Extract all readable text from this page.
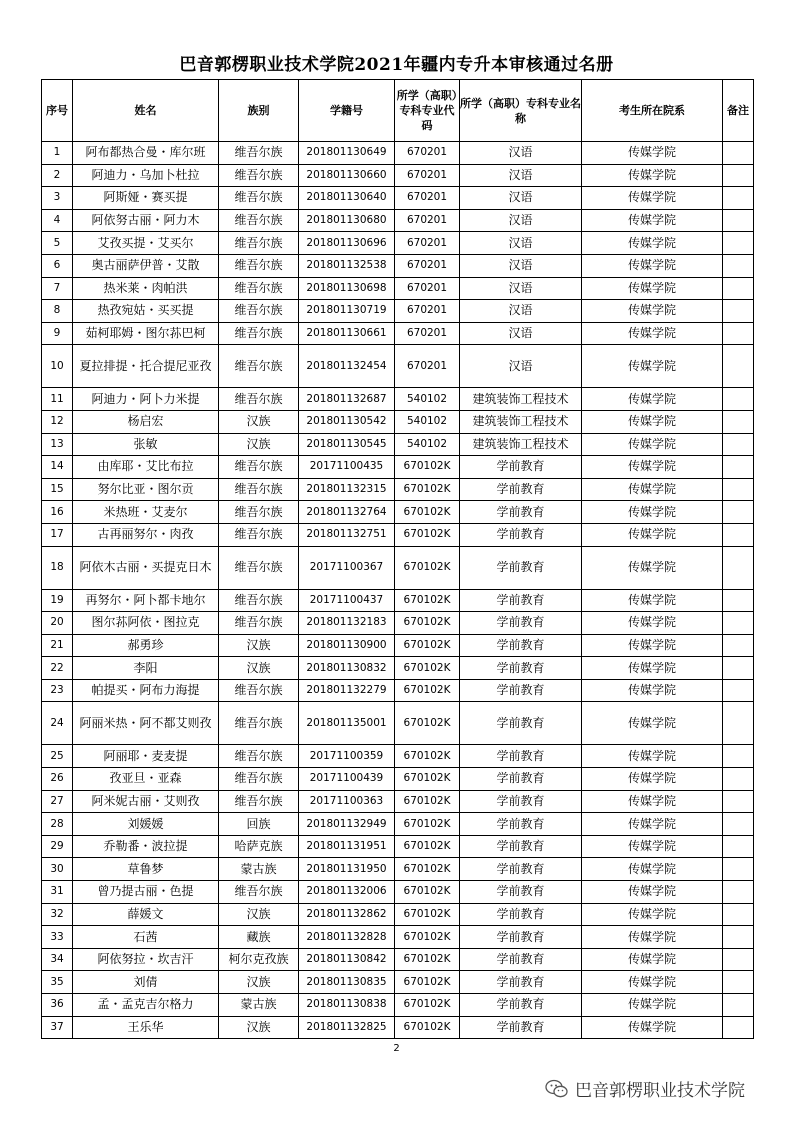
巴音郭楞职业技术学院2021年疆内专升本审核通过名册
序号	姓名	族别	学籍号	所学（高职）专科专业代码	所学（高职）专科专业名称	考生所在院系	备注
1	阿布都热合曼・库尔班	维吾尔族	201801130649	670201	汉语	传媒学院	
2	阿迪力・乌加卜杜拉	维吾尔族	201801130660	670201	汉语	传媒学院	
3	阿斯娅・赛买提	维吾尔族	201801130640	670201	汉语	传媒学院	
4	阿依努古丽・阿力木	维吾尔族	201801130680	670201	汉语	传媒学院	
5	艾孜买提・艾买尔	维吾尔族	201801130696	670201	汉语	传媒学院	
6	奥古丽萨伊普・艾散	维吾尔族	201801132538	670201	汉语	传媒学院	
7	热米莱・肉帕洪	维吾尔族	201801130698	670201	汉语	传媒学院	
8	热孜宛姑・买买提	维吾尔族	201801130719	670201	汉语	传媒学院	
9	茹柯耶姆・图尔荪巴柯	维吾尔族	201801130661	670201	汉语	传媒学院	
10	夏拉排提・托合提尼亚孜	维吾尔族	201801132454	670201	汉语	传媒学院	
11	阿迪力・阿卜力米提	维吾尔族	201801132687	540102	建筑装饰工程技术	传媒学院	
12	杨启宏	汉族	201801130542	540102	建筑装饰工程技术	传媒学院	
13	张敏	汉族	201801130545	540102	建筑装饰工程技术	传媒学院	
14	由库耶・艾比布拉	维吾尔族	20171100435	670102K	学前教育	传媒学院	
15	努尔比亚・图尔贡	维吾尔族	201801132315	670102K	学前教育	传媒学院	
16	米热班・艾麦尔	维吾尔族	201801132764	670102K	学前教育	传媒学院	
17	古再丽努尔・肉孜	维吾尔族	201801132751	670102K	学前教育	传媒学院	
18	阿依木古丽・买提克日木	维吾尔族	20171100367	670102K	学前教育	传媒学院	
19	再努尔・阿卜都卡地尔	维吾尔族	20171100437	670102K	学前教育	传媒学院	
20	图尔荪阿依・图拉克	维吾尔族	201801132183	670102K	学前教育	传媒学院	
21	郝勇珍	汉族	201801130900	670102K	学前教育	传媒学院	
22	李阳	汉族	201801130832	670102K	学前教育	传媒学院	
23	帕提买・阿布力海提	维吾尔族	201801132279	670102K	学前教育	传媒学院	
24	阿丽米热・阿不都艾则孜	维吾尔族	201801135001	670102K	学前教育	传媒学院	
25	阿丽耶・麦麦提	维吾尔族	20171100359	670102K	学前教育	传媒学院	
26	孜亚旦・亚森	维吾尔族	20171100439	670102K	学前教育	传媒学院	
27	阿米妮古丽・艾则孜	维吾尔族	20171100363	670102K	学前教育	传媒学院	
28	刘媛媛	回族	201801132949	670102K	学前教育	传媒学院	
29	乔勒番・波拉提	哈萨克族	201801131951	670102K	学前教育	传媒学院	
30	草鲁梦	蒙古族	201801131950	670102K	学前教育	传媒学院	
31	曾乃提古丽・色提	维吾尔族	201801132006	670102K	学前教育	传媒学院	
32	薛媛文	汉族	201801132862	670102K	学前教育	传媒学院	
33	石茜	藏族	201801132828	670102K	学前教育	传媒学院	
34	阿依努拉・坎吉汗	柯尔克孜族	201801130842	670102K	学前教育	传媒学院	
35	刘倩	汉族	201801130835	670102K	学前教育	传媒学院	
36	孟・孟克吉尔格力	蒙古族	201801130838	670102K	学前教育	传媒学院	
37	王乐华	汉族	201801132825	670102K	学前教育	传媒学院	
2
巴音郭楞职业技术学院
